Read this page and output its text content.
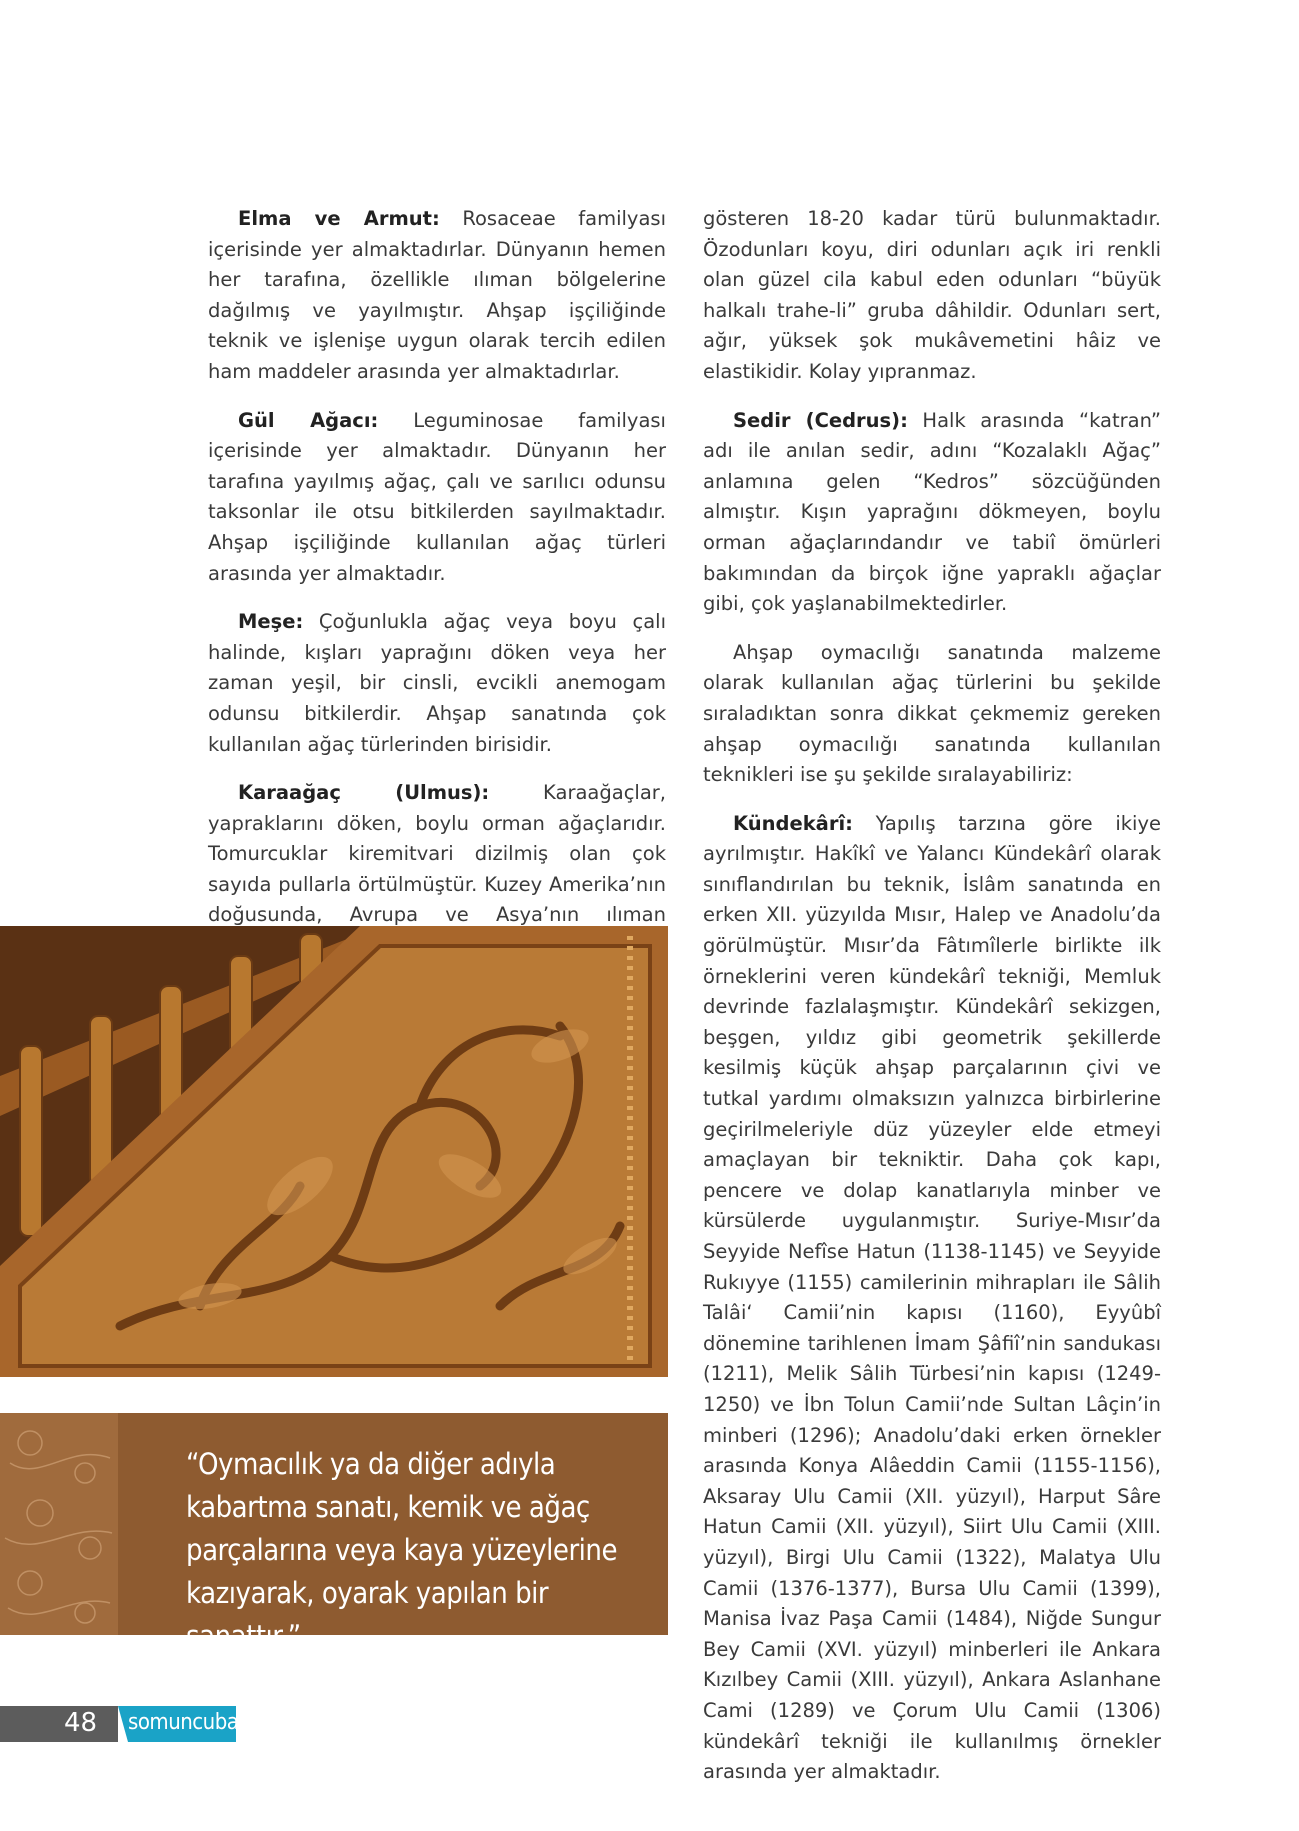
Elma ve Armut: Rosaceae familyası içerisinde yer almaktadırlar. Dünyanın hemen her tarafına, özellikle ılıman bölgelerine dağılmış ve yayılmıştır. Ahşap işçiliğinde teknik ve işlenişe uygun olarak tercih edilen ham maddeler arasında yer almaktadırlar.

Gül Ağacı: Leguminosae familyası içerisinde yer almaktadır. Dünyanın her tarafına yayılmış ağaç, çalı ve sarılıcı odunsu taksonlar ile otsu bitkilerden sayılmaktadır. Ahşap işçiliğinde kullanılan ağaç türleri arasında yer almaktadır.

Meşe: Çoğunlukla ağaç veya boyu çalı halinde, kışları yaprağını döken veya her zaman yeşil, bir cinsli, evcikli anemogam odunsu bitkilerdir. Ahşap sanatında çok kullanılan ağaç türlerinden birisidir.

Karaağaç (Ulmus):	Karaağaçlar, yapraklarını döken, boylu orman ağaçlarıdır. Tomurcuklar kiremitvari dizilmiş olan çok sayıda pullarla örtülmüştür. Kuzey Amerika’nın doğusunda, Avrupa ve Asya’nın ılıman

gösteren 18-20 kadar türü bulunmaktadır. Özodunları koyu, diri odunları açık iri renkli olan güzel cila kabul eden odunları “büyük halkalı trahe-li” gruba dâhildir. Odunları sert, ağır, yüksek şok mukâvemetini hâiz ve elastikidir. Kolay yıpranmaz.

Sedir (Cedrus): Halk arasında “katran” adı ile anılan sedir, adını “Kozalaklı Ağaç” anlamına gelen “Kedros” sözcüğünden almıştır. Kışın yaprağını dökmeyen, boylu orman ağaçlarındandır ve tabiî ömürleri bakımından da birçok iğne yapraklı ağaçlar gibi, çok yaşlanabilmektedirler.

Ahşap oymacılığı sanatında malzeme olarak kullanılan ağaç türlerini bu şekilde sıraladıktan sonra dikkat çekmemiz gereken ahşap oymacılığı sanatında kullanılan teknikleri ise şu şekilde sıralayabiliriz:

Kündekârî: Yapılış tarzına göre ikiye ayrılmıştır. Hakîkî ve Yalancı Kündekârî olarak sınıflandırılan bu teknik, İslâm sanatında en erken XII. yüzyılda Mısır, Halep ve Anadolu’da görülmüştür. Mısır’da Fâtımîlerle birlikte ilk örneklerini veren kündekârî tekniği, Memluk devrinde fazlalaşmıştır. Kündekârî sekizgen, beşgen, yıldız gibi geometrik şekillerde kesilmiş küçük ahşap parçalarının çivi ve tutkal yardımı olmaksızın yalnızca birbirlerine geçirilmeleriyle düz yüzeyler elde etmeyi amaçlayan bir tekniktir. Daha çok kapı, pencere ve dolap kanatlarıyla minber ve kürsülerde uygulanmıştır. Suriye-Mısır’da Seyyide Nefîse Hatun (1138-1145) ve Seyyide Rukıyye (1155) camilerinin mihrapları ile Sâlih Talâi‘ Camii’nin kapısı (1160), Eyyûbî dönemine tarihlenen İmam Şâfiî’nin sandukası (1211), Melik Sâlih Türbesi’nin kapısı (1249-1250) ve İbn Tolun Camii’nde Sultan Lâçin’in minberi (1296); Anadolu’daki erken örnekler arasında Konya Alâeddin Camii (1155-1156), Aksaray Ulu Camii (XII. yüzyıl), Harput Sâre Hatun Camii (XII. yüzyıl), Siirt Ulu Camii (XIII. yüzyıl), Birgi Ulu Camii (1322), Malatya Ulu Camii (1376-1377), Bursa Ulu Camii (1399), Manisa İvaz Paşa Camii (1484), Niğde Sungur Bey Camii (XVI. yüzyıl) minberleri ile Ankara Kızılbey Camii (XIII. yüzyıl), Ankara Aslanhane Cami (1289) ve Çorum Ulu Camii (1306) kündekârî tekniği ile kullanılmış örnekler arasında yer almaktadır.

“Oymacılık ya da diğer adıyla kabartma sanatı, kemik ve ağaç parçalarına veya kaya yüzeylerine kazıyarak, oyarak yapılan bir sanattır.”
48 somuncubaba
